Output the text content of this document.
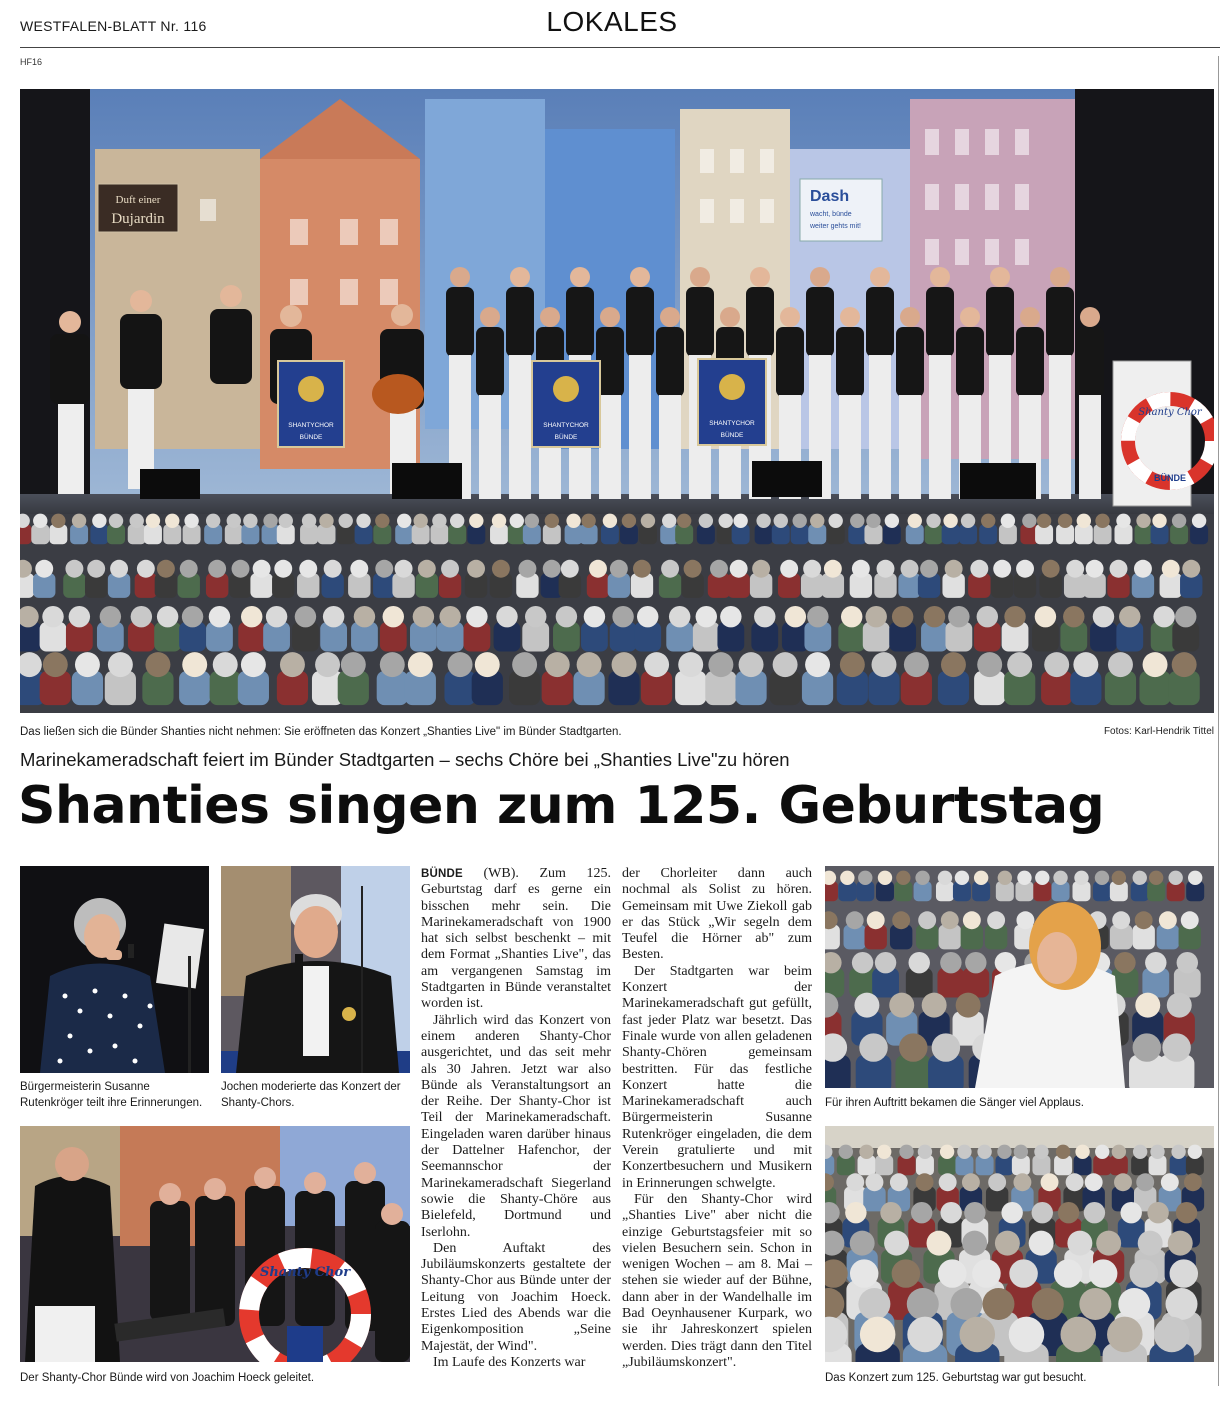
WESTFALEN-BLATT Nr. 116	LOKALES
HF16
Duft einer
Dujardin
Dash
wacht, bünde
weiter gehts mit!
SHANTYCHOR
BÜNDE
SHANTYCHOR
BÜNDE
SHANTYCHOR
BÜNDE
Shanty Chor
BÜNDE
Das ließen sich die Bünder Shanties nicht nehmen: Sie eröffneten das Konzert „Shanties Live" im Bünder Stadtgarten.	Fotos: Karl-Hendrik Tittel
Marinekameradschaft feiert im Bünder Stadtgarten – sechs Chöre bei „Shanties Live"zu hören
Shanties singen zum 125. Geburtstag
Bürgermeisterin Susanne Rutenkröger teilt ihre Erinnerungen.
Jochen moderierte das Konzert der Shanty-Chors.
Shanty Chor
Der Shanty-Chor Bünde wird von Joachim Hoeck geleitet.

BÜNDE (WB). Zum 125. Geburtstag darf es gerne ein bisschen mehr sein. Die Marinekameradschaft von 1900 hat sich selbst beschenkt – mit dem Format „Shanties Live", das am vergangenen Samstag im Stadtgarten in Bünde veranstaltet worden ist.

Jährlich wird das Konzert von einem anderen Shanty-Chor ausgerichtet, und das seit mehr als 30 Jahren. Jetzt war also Bünde als Veranstaltungsort an der Reihe. Der Shanty-Chor ist Teil der Marinekameradschaft. Eingeladen waren darüber hinaus der Dattelner Hafenchor, der Seemannschor der Marinekameradschaft Siegerland sowie die Shanty-Chöre aus Bielefeld, Dortmund und Iserlohn.

Den Auftakt des Jubiläumskonzerts gestaltete der Shanty-Chor aus Bünde unter der Leitung von Joachim Hoeck. Erstes Lied des Abends war die Eigenkomposition „Seine Majestät, der Wind".

Im Laufe des Konzerts war

der Chorleiter dann auch nochmal als Solist zu hören. Gemeinsam mit Uwe Ziekoll gab er das Stück „Wir segeln dem Teufel die Hörner ab" zum Besten.

Der Stadtgarten war beim Konzert der Marinekameradschaft gut gefüllt, fast jeder Platz war besetzt. Das Finale wurde von allen geladenen Shanty-Chören gemeinsam bestritten. Für das festliche Konzert hatte die Marinekameradschaft auch Bürgermeisterin Susanne Rutenkröger eingeladen, die dem Verein gratulierte und mit Konzertbesuchern und Musikern in Erinnerungen schwelgte.

Für den Shanty-Chor wird „Shanties Live" aber nicht die einzige Geburtstagsfeier mit so vielen Besuchern sein. Schon in wenigen Wochen – am 8. Mai – stehen sie wieder auf der Bühne, dann aber in der Wandelhalle im Bad Oeynhausener Kurpark, wo sie ihr Jahreskonzert spielen werden. Dies trägt dann den Titel „Jubiläumskonzert".

Für ihren Auftritt bekamen die Sänger viel Applaus.
Das Konzert zum 125. Geburtstag war gut besucht.
